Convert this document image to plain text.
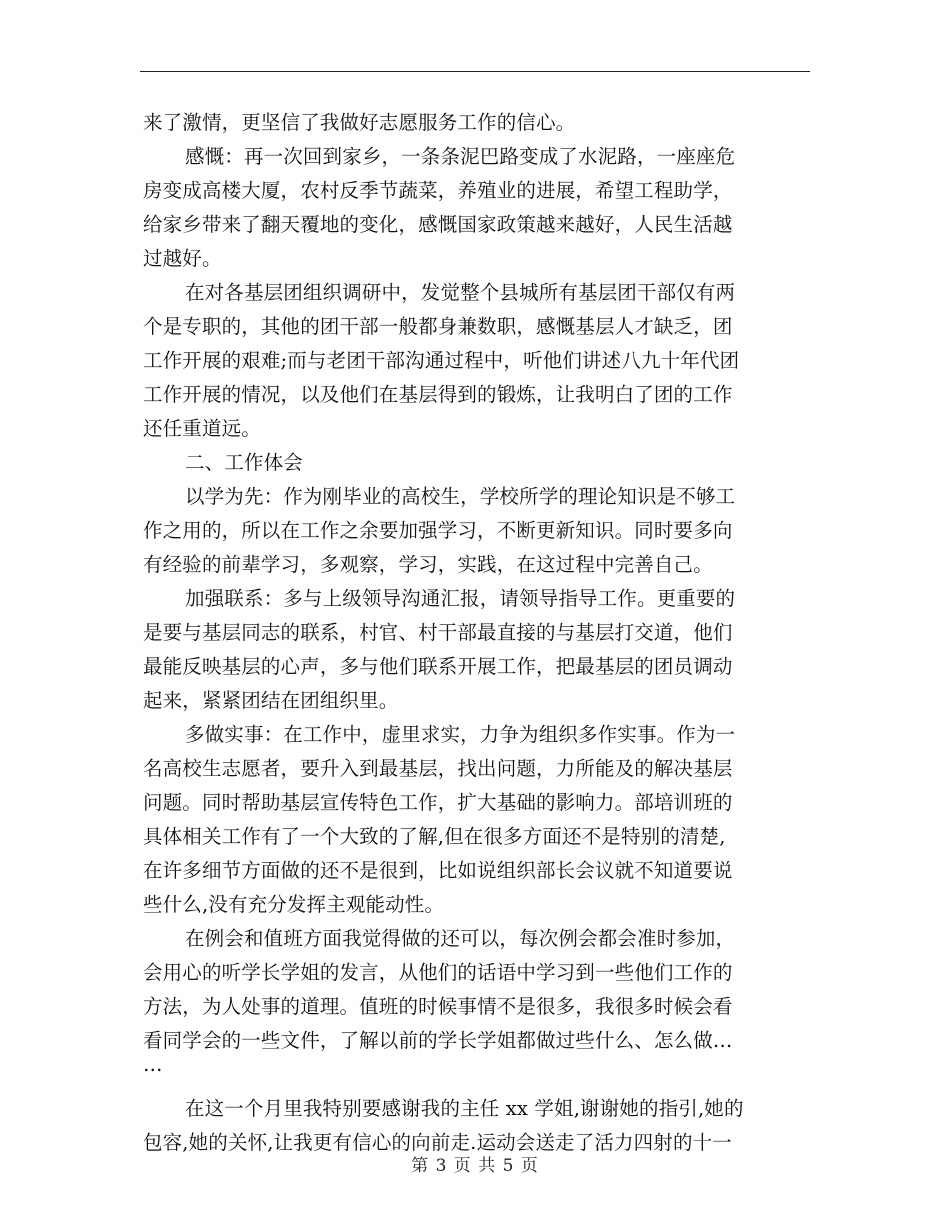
来了激情，更坚信了我做好志愿服务工作的信心。
感慨：再一次回到家乡，一条条泥巴路变成了水泥路，一座座危
房变成高楼大厦，农村反季节蔬菜，养殖业的进展，希望工程助学，
给家乡带来了翻天覆地的变化，感慨国家政策越来越好，人民生活越
过越好。
在对各基层团组织调研中，发觉整个县城所有基层团干部仅有两
个是专职的，其他的团干部一般都身兼数职，感慨基层人才缺乏，团
工作开展的艰难;而与老团干部沟通过程中，听他们讲述八九十年代团
工作开展的情况，以及他们在基层得到的锻炼，让我明白了团的工作
还任重道远。
二、工作体会
以学为先：作为刚毕业的高校生，学校所学的理论知识是不够工
作之用的，所以在工作之余要加强学习，不断更新知识。同时要多向
有经验的前辈学习，多观察，学习，实践，在这过程中完善自己。
加强联系：多与上级领导沟通汇报，请领导指导工作。更重要的
是要与基层同志的联系，村官、村干部最直接的与基层打交道，他们
最能反映基层的心声，多与他们联系开展工作，把最基层的团员调动
起来，紧紧团结在团组织里。
多做实事：在工作中，虚里求实，力争为组织多作实事。作为一
名高校生志愿者，要升入到最基层，找出问题，力所能及的解决基层
问题。同时帮助基层宣传特色工作，扩大基础的影响力。部培训班的
具体相关工作有了一个大致的了解,但在很多方面还不是特别的清楚,
在许多细节方面做的还不是很到，比如说组织部长会议就不知道要说
些什么,没有充分发挥主观能动性。
在例会和值班方面我觉得做的还可以，每次例会都会准时参加，
会用心的听学长学姐的发言，从他们的话语中学习到一些他们工作的
方法，为人处事的道理。值班的时候事情不是很多，我很多时候会看
看同学会的一些文件，了解以前的学长学姐都做过些什么、怎么做…
…
在这一个月里我特别要感谢我的主任 xx 学姐,谢谢她的指引,她的
包容,她的关怀,让我更有信心的向前走.运动会送走了活力四射的十一
第 3 页 共 5 页
